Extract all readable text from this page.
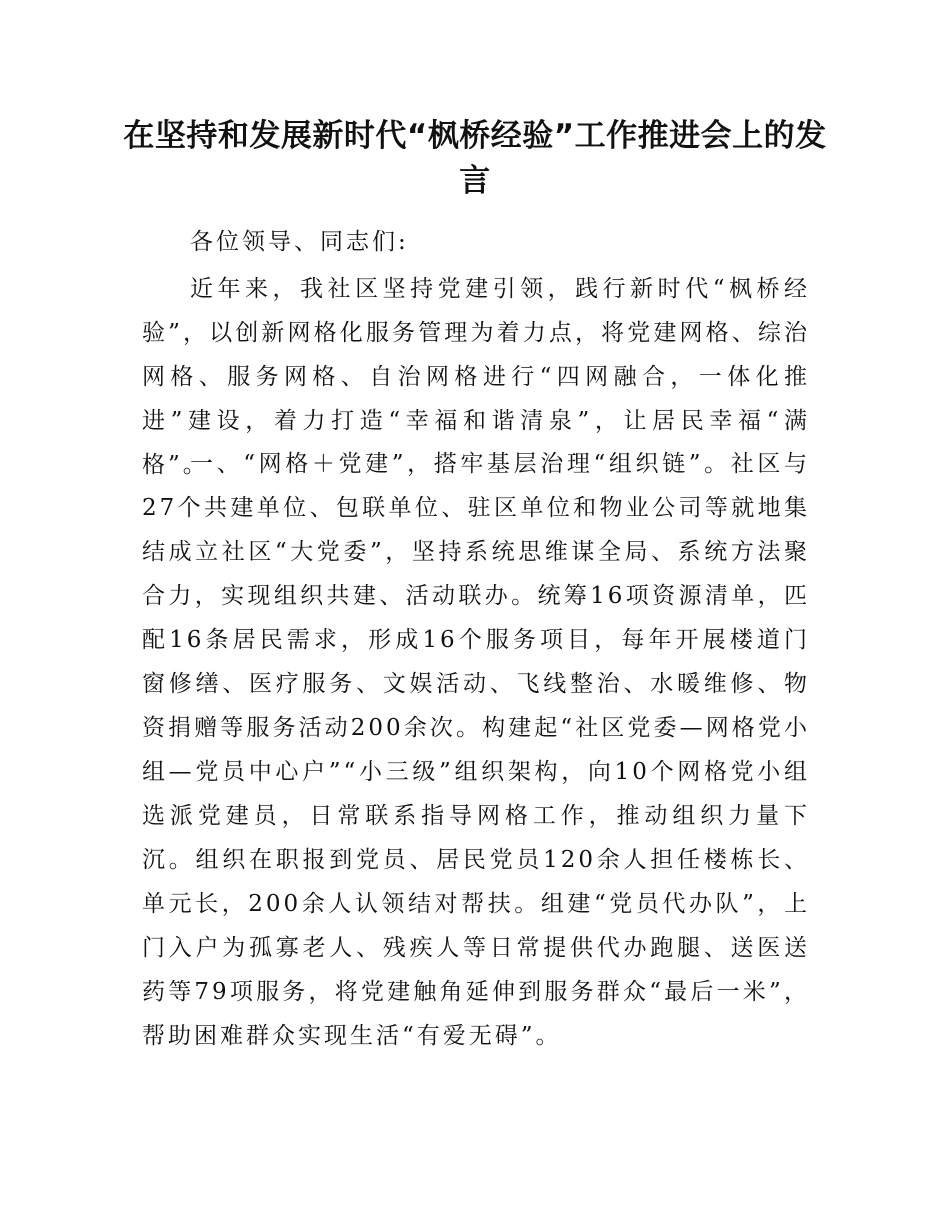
在坚持和发展新时代“枫桥经验”工作推进会上的发言

各位领导、同志们:

近年来，我社区坚持党建引领，践行新时代“枫桥经验”，以创新网格化服务管理为着力点，将党建网格、综治网格、服务网格、自治网格进行“四网融合，一体化推进”建设，着力打造“幸福和谐清泉”，让居民幸福“满格”。

一、“网格＋党建”，搭牢基层治理“组织链”。社区与27个共建单位、包联单位、驻区单位和物业公司等就地集结成立社区“大党委”，坚持系统思维谋全局、系统方法聚合力，实现组织共建、活动联办。统筹16项资源清单，匹配16条居民需求，形成16个服务项目，每年开展楼道门窗修缮、医疗服务、文娱活动、飞线整治、水暖维修、物资捐赠等服务活动200余次。构建起“社区党委—网格党小组—党员中心户”“小三级”组织架构，向10个网格党小组选派党建员，日常联系指导网格工作，推动组织力量下沉。组织在职报到党员、居民党员120余人担任楼栋长、单元长，200余人认领结对帮扶。组建“党员代办队”，上门入户为孤寡老人、残疾人等日常提供代办跑腿、送医送药等79项服务，将党建触角延伸到服务群众“最后一米”，帮助困难群众实现生活“有爱无碍”。
